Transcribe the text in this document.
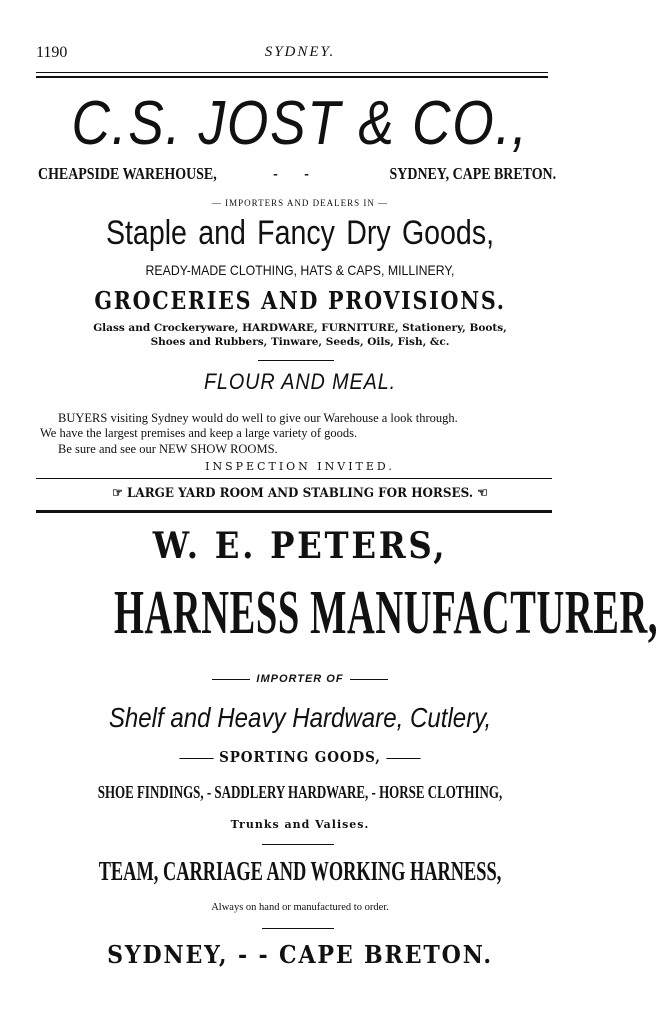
1190	SYDNEY.
C.S. JOST & CO.,
CHEAPSIDE WAREHOUSE,	- -	SYDNEY, CAPE BRETON.
— IMPORTERS AND DEALERS IN —
Staple and Fancy Dry Goods,
READY-MADE CLOTHING, HATS & CAPS, MILLINERY,
GROCERIES AND PROVISIONS.
Glass and Crockeryware, HARDWARE, FURNITURE, Stationery, Boots,
Shoes and Rubbers, Tinware, Seeds, Oils, Fish, &c.
FLOUR AND MEAL.
BUYERS visiting Sydney would do well to give our Warehouse a look through.
We have the largest premises and keep a large variety of goods.
Be sure and see our NEW SHOW ROOMS.
INSPECTION INVITED.
☞ LARGE YARD ROOM AND STABLING FOR HORSES. ☜
W. E. PETERS,
HARNESS MANUFACTURER,
IMPORTER OF
Shelf and Heavy Hardware, Cutlery,
SPORTING GOODS,
SHOE FINDINGS, - SADDLERY HARDWARE, - HORSE CLOTHING,
Trunks and Valises.
TEAM, CARRIAGE AND WORKING HARNESS,
Always on hand or manufactured to order.
SYDNEY, - - CAPE BRETON.
